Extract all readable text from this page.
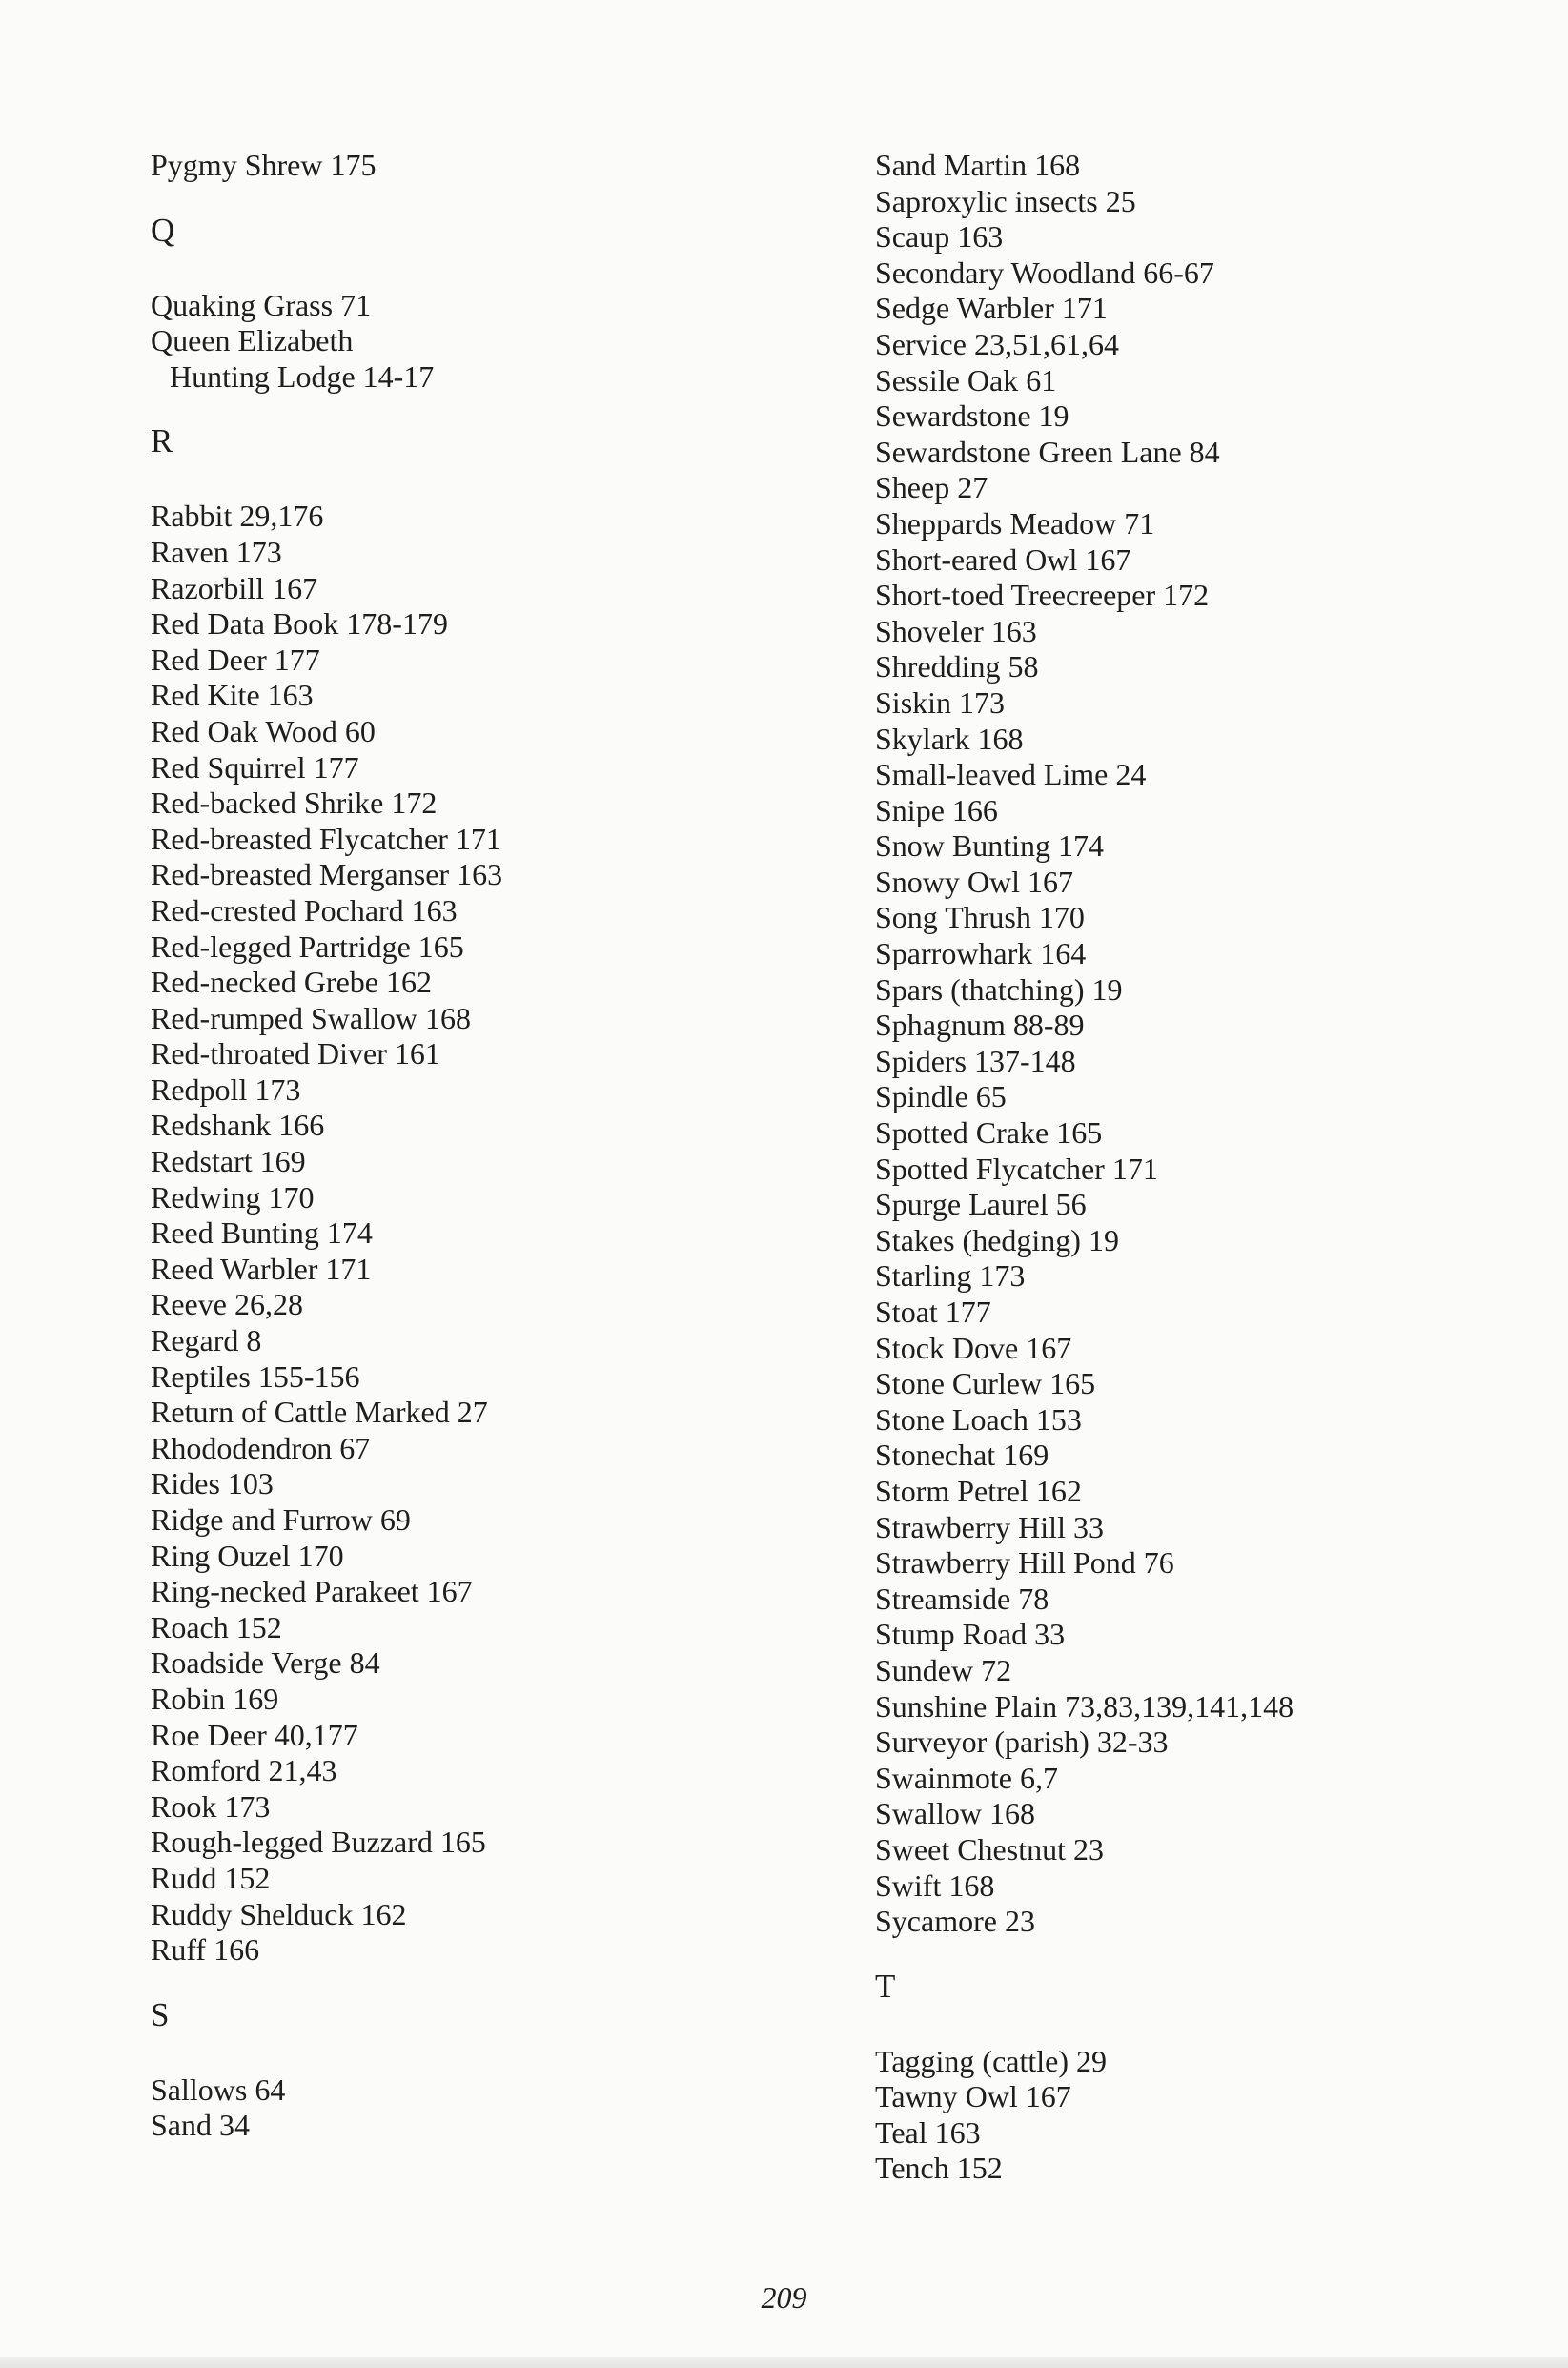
Pygmy Shrew 175
Q
Quaking Grass 71
Queen Elizabeth
Hunting Lodge 14-17
R
Rabbit 29,176
Raven 173
Razorbill 167
Red Data Book 178-179
Red Deer 177
Red Kite 163
Red Oak Wood 60
Red Squirrel 177
Red-backed Shrike 172
Red-breasted Flycatcher 171
Red-breasted Merganser 163
Red-crested Pochard 163
Red-legged Partridge 165
Red-necked Grebe 162
Red-rumped Swallow 168
Red-throated Diver 161
Redpoll 173
Redshank 166
Redstart 169
Redwing 170
Reed Bunting 174
Reed Warbler 171
Reeve 26,28
Regard 8
Reptiles 155-156
Return of Cattle Marked 27
Rhododendron 67
Rides 103
Ridge and Furrow 69
Ring Ouzel 170
Ring-necked Parakeet 167
Roach 152
Roadside Verge 84
Robin 169
Roe Deer 40,177
Romford 21,43
Rook 173
Rough-legged Buzzard 165
Rudd 152
Ruddy Shelduck 162
Ruff 166
S
Sallows 64
Sand 34
Sand Martin 168
Saproxylic insects 25
Scaup 163
Secondary Woodland 66-67
Sedge Warbler 171
Service 23,51,61,64
Sessile Oak 61
Sewardstone 19
Sewardstone Green Lane 84
Sheep 27
Sheppards Meadow 71
Short-eared Owl 167
Short-toed Treecreeper 172
Shoveler 163
Shredding 58
Siskin 173
Skylark 168
Small-leaved Lime 24
Snipe 166
Snow Bunting 174
Snowy Owl 167
Song Thrush 170
Sparrowhark 164
Spars (thatching) 19
Sphagnum 88-89
Spiders 137-148
Spindle 65
Spotted Crake 165
Spotted Flycatcher 171
Spurge Laurel 56
Stakes (hedging) 19
Starling 173
Stoat 177
Stock Dove 167
Stone Curlew 165
Stone Loach 153
Stonechat 169
Storm Petrel 162
Strawberry Hill 33
Strawberry Hill Pond 76
Streamside 78
Stump Road 33
Sundew 72
Sunshine Plain 73,83,139,141,148
Surveyor (parish) 32-33
Swainmote 6,7
Swallow 168
Sweet Chestnut 23
Swift 168
Sycamore 23
T
Tagging (cattle) 29
Tawny Owl 167
Teal 163
Tench 152
209
